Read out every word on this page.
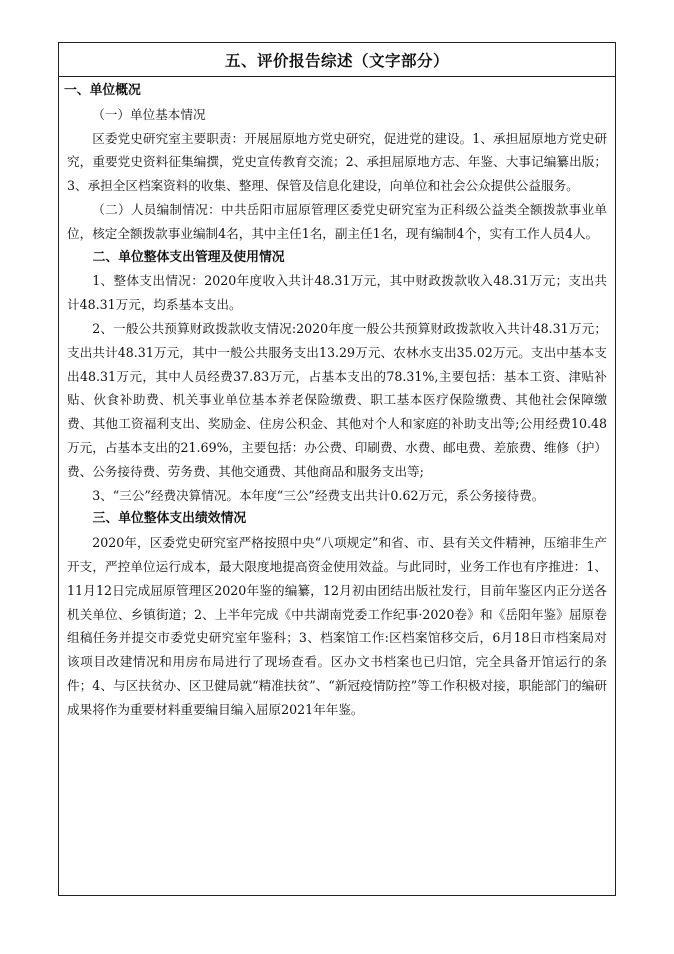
五、评价报告综述（文字部分）
一、单位概况
（一）单位基本情况

区委党史研究室主要职责：开展屈原地方党史研究，促进党的建设。1、承担屈原地方党史研究，重要党史资料征集编撰，党史宣传教育交流；2、承担屈原地方志、年鉴、大事记编纂出版；3、承担全区档案资料的收集、整理、保管及信息化建设，向单位和社会公众提供公益服务。

（二）人员编制情况：中共岳阳市屈原管理区委党史研究室为正科级公益类全额拨款事业单位，核定全额拨款事业编制4名，其中主任1名，副主任1名，现有编制4个，实有工作人员4人。

二、单位整体支出管理及使用情况

1、整体支出情况：2020年度收入共计48.31万元，其中财政拨款收入48.31万元；支出共计48.31万元，均系基本支出。

2、一般公共预算财政拨款收支情况:2020年度一般公共预算财政拨款收入共计48.31万元；支出共计48.31万元，其中一般公共服务支出13.29万元、农林水支出35.02万元。支出中基本支出48.31万元，其中人员经费37.83万元，占基本支出的78.31%,主要包括：基本工资、津贴补贴、伙食补助费、机关事业单位基本养老保险缴费、职工基本医疗保险缴费、其他社会保障缴费、其他工资福利支出、奖励金、住房公积金、其他对个人和家庭的补助支出等;公用经费10.48万元，占基本支出的21.69%，主要包括：办公费、印刷费、水费、邮电费、差旅费、维修（护）费、公务接待费、劳务费、其他交通费、其他商品和服务支出等;

3、“三公”经费决算情况。本年度“三公”经费支出共计0.62万元，系公务接待费。

三、单位整体支出绩效情况

2020年，区委党史研究室严格按照中央“八项规定”和省、市、县有关文件精神，压缩非生产开支，严控单位运行成本，最大限度地提高资金使用效益。与此同时，业务工作也有序推进：1、11月12日完成屈原管理区2020年鉴的编纂，12月初由团结出版社发行，目前年鉴区内正分送各机关单位、乡镇街道；2、上半年完成《中共湖南党委工作纪事·2020卷》和《岳阳年鉴》屈原卷组稿任务并提交市委党史研究室年鉴科；3、档案馆工作:区档案馆移交后，6月18日市档案局对该项目改建情况和用房布局进行了现场查看。区办文书档案也已归馆，完全具备开馆运行的条件；4、与区扶贫办、区卫健局就“精准扶贫”、“新冠疫情防控”等工作积极对接，职能部门的编研成果将作为重要材料重要编目编入屈原2021年年鉴。
